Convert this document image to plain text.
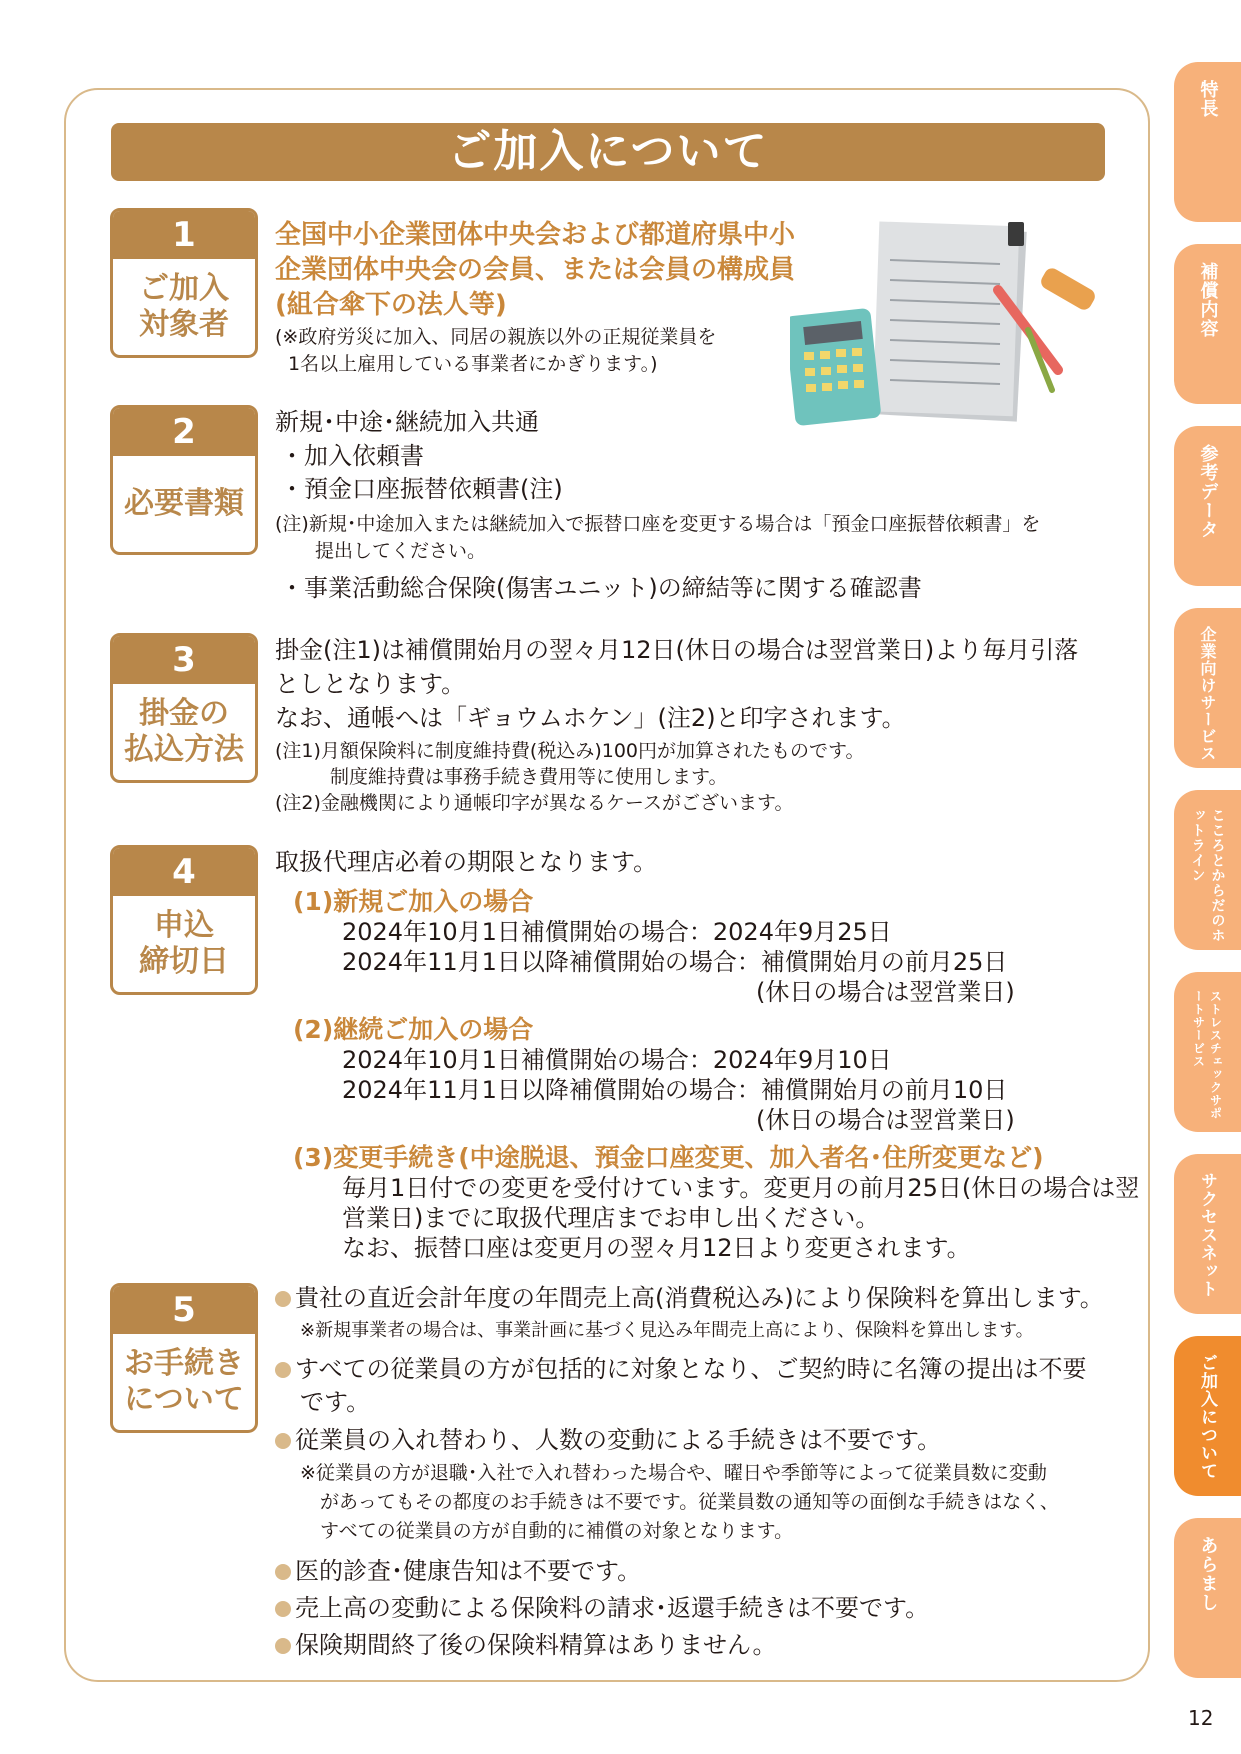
ご加入について
1
ご加入
対象者
全国中小企業団体中央会および都道府県中小
企業団体中央会の会員、または会員の構成員
(組合傘下の法人等)
(※政府労災に加入、同居の親族以外の正規従業員を
1名以上雇用している事業者にかぎります。)
2
必要書類
新規･中途･継続加入共通
・加入依頼書
・預金口座振替依頼書(注)
(注)新規･中途加入または継続加入で振替口座を変更する場合は「預金口座振替依頼書」を
提出してください。
・事業活動総合保険(傷害ユニット)の締結等に関する確認書
3
掛金の
払込方法
掛金(注1)は補償開始月の翌々月12日(休日の場合は翌営業日)より毎月引落
としとなります。
なお、通帳へは「ギョウムホケン」(注2)と印字されます。
(注1)月額保険料に制度維持費(税込み)100円が加算されたものです。
制度維持費は事務手続き費用等に使用します。
(注2)金融機関により通帳印字が異なるケースがございます。
4
申込
締切日
取扱代理店必着の期限となります。
(1)新規ご加入の場合
2024年10月1日補償開始の場合：2024年9月25日
2024年11月1日以降補償開始の場合：補償開始月の前月25日
(休日の場合は翌営業日)
(2)継続ご加入の場合
2024年10月1日補償開始の場合：2024年9月10日
2024年11月1日以降補償開始の場合：補償開始月の前月10日
(休日の場合は翌営業日)
(3)変更手続き(中途脱退、預金口座変更、加入者名･住所変更など)
毎月1日付での変更を受付けています。変更月の前月25日(休日の場合は翌
営業日)までに取扱代理店までお申し出ください。
なお、振替口座は変更月の翌々月12日より変更されます。
5
お手続き
について
貴社の直近会計年度の年間売上高(消費税込み)により保険料を算出します。
※新規事業者の場合は、事業計画に基づく見込み年間売上高により、保険料を算出します。
すべての従業員の方が包括的に対象となり、ご契約時に名簿の提出は不要
です。
従業員の入れ替わり、人数の変動による手続きは不要です。
※従業員の方が退職･入社で入れ替わった場合や、曜日や季節等によって従業員数に変動
があってもその都度のお手続きは不要です。従業員数の通知等の面倒な手続きはなく、
すべての従業員の方が自動的に補償の対象となります。
医的診査･健康告知は不要です。
売上高の変動による保険料の請求･返還手続きは不要です。
保険期間終了後の保険料精算はありません。
特長
補償内容
参考データ
企業向けサービス
こころとからだのホットライン
ストレスチェックサポートサービス
サクセスネット
ご加入について
あらまし
12
